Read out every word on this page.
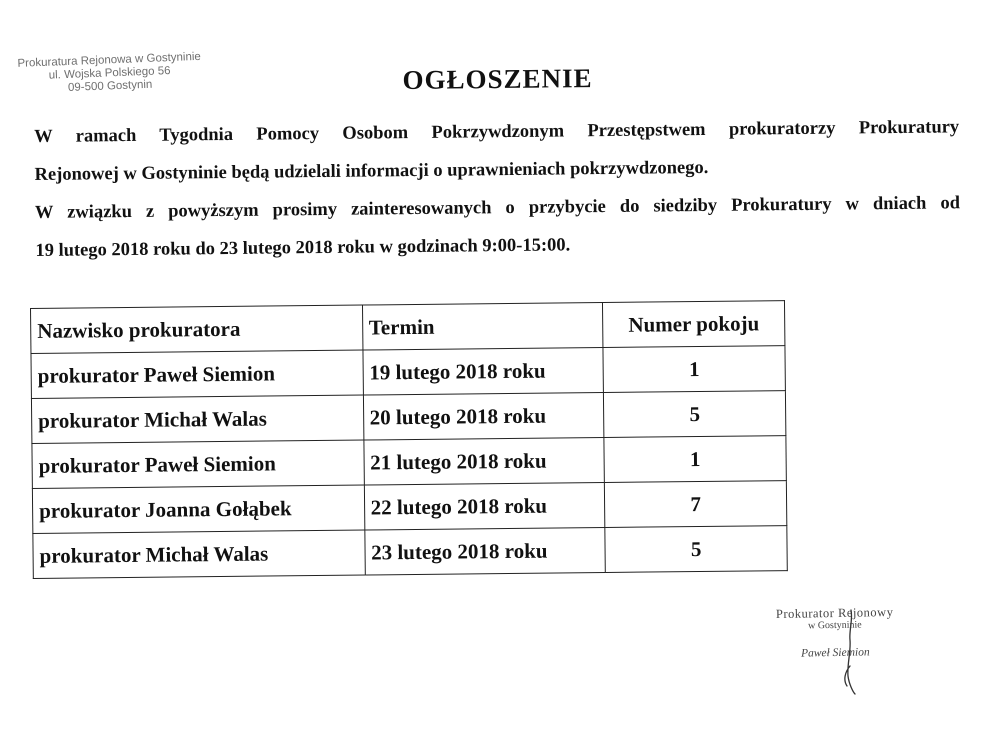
Prokuratura Rejonowa w Gostyninie
ul. Wojska Polskiego 56
09-500 Gostynin	OGŁOSZENIE

W ramach Tygodnia Pomocy Osobom Pokrzywdzonym Przestępstwem prokuratorzy Prokuratury

Rejonowej w Gostyninie będą udzielali informacji o uprawnieniach pokrzywdzonego.

W związku z powyższym prosimy zainteresowanych o przybycie do siedziby Prokuratury w dniach od

19 lutego 2018 roku do 23 lutego 2018 roku w godzinach 9:00-15:00.

Nazwisko prokuratora	Termin	Numer pokoju
prokurator Paweł Siemion	19 lutego 2018 roku	1
prokurator Michał Walas	20 lutego 2018 roku	5
prokurator Paweł Siemion	21 lutego 2018 roku	1
prokurator Joanna Gołąbek	22 lutego 2018 roku	7
prokurator Michał Walas	23 lutego 2018 roku	5
Prokurator Rejonowy
w Gostyninie
Paweł Siemion
